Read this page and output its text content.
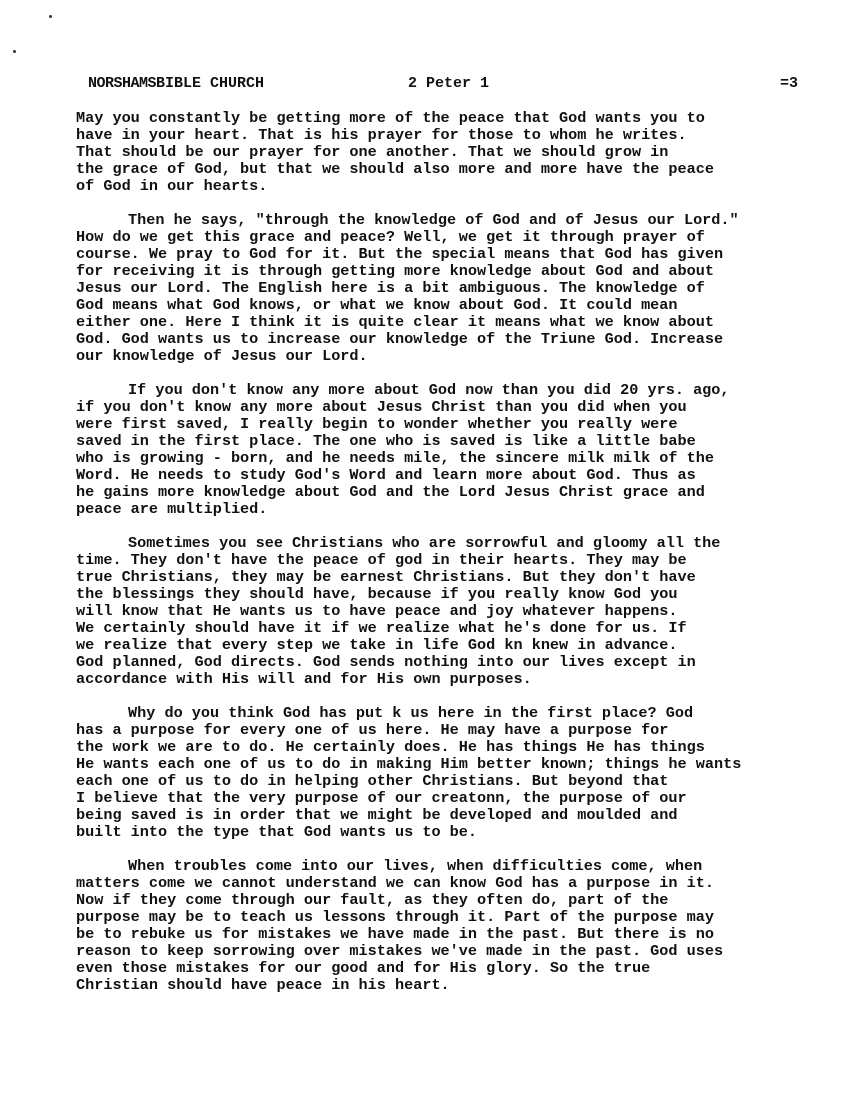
NORSHAMSBIBLE CHURCH	2 Peter 1	=3
May you constantly be getting more of the peace that God wants you to
have in your heart. That is his prayer for those to whom he writes.
That should be our prayer for one another. That we should grow in
the grace of God, but that we should also more and more have the peace
of God in our hearts.
Then he says, "through the knowledge of God and of Jesus our Lord."
How do we get this grace and peace? Well, we get it through prayer of
course. We pray to God for it. But the special means that God has given
for receiving it is through getting more knowledge about God and about
Jesus our Lord. The English here is a bit ambiguous. The knowledge of
God means what God knows, or what we know about God. It could mean
either one. Here I think it is quite clear it means what we know about
God. God wants us to increase our knowledge of the Triune God. Increase
our knowledge of Jesus our Lord.
If you don't know any more about God now than you did 20 yrs. ago,
if you don't know any more about Jesus Christ than you did when you
were first saved, I really begin to wonder whether you really were
saved in the first place. The one who is saved is like a little babe
who is growing - born, and he needs mile, the sincere milk milk of the
Word. He needs to study God's Word and learn more about God. Thus as
he gains more knowledge about God and the Lord Jesus Christ grace and
peace are multiplied.
Sometimes you see Christians who are sorrowful and gloomy all the
time. They don't have the peace of god in their hearts. They may be
true Christians, they may be earnest Christians. But they don't have
the blessings they should have, because if you really know God you
will know that He wants us to have peace and joy whatever happens.
We certainly should have it if we realize what he's done for us. If
we realize that every step we take in life God kn knew in advance.
God planned, God directs. God sends nothing into our lives except in
accordance with His will and for His own purposes.
Why do you think God has put k us here in the first place? God
has a purpose for every one of us here. He may have a purpose for
the work we are to do. He certainly does. He has things He has things
He wants each one of us to do in making Him better known; things he wants
each one of us to do in helping other Christians. But beyond that
I believe that the very purpose of our creatonn, the purpose of our
being saved is in order that we might be developed and moulded and
built into the type that God wants us to be.
When troubles come into our lives, when difficulties come, when
matters come we cannot understand we can know God has a purpose in it.
Now if they come through our fault, as they often do, part of the
purpose may be to teach us lessons through it. Part of the purpose may
be to rebuke us for mistakes we have made in the past. But there is no
reason to keep sorrowing over mistakes we've made in the past. God uses
even those mistakes for our good and for His glory. So the true
Christian should have peace in his heart.
